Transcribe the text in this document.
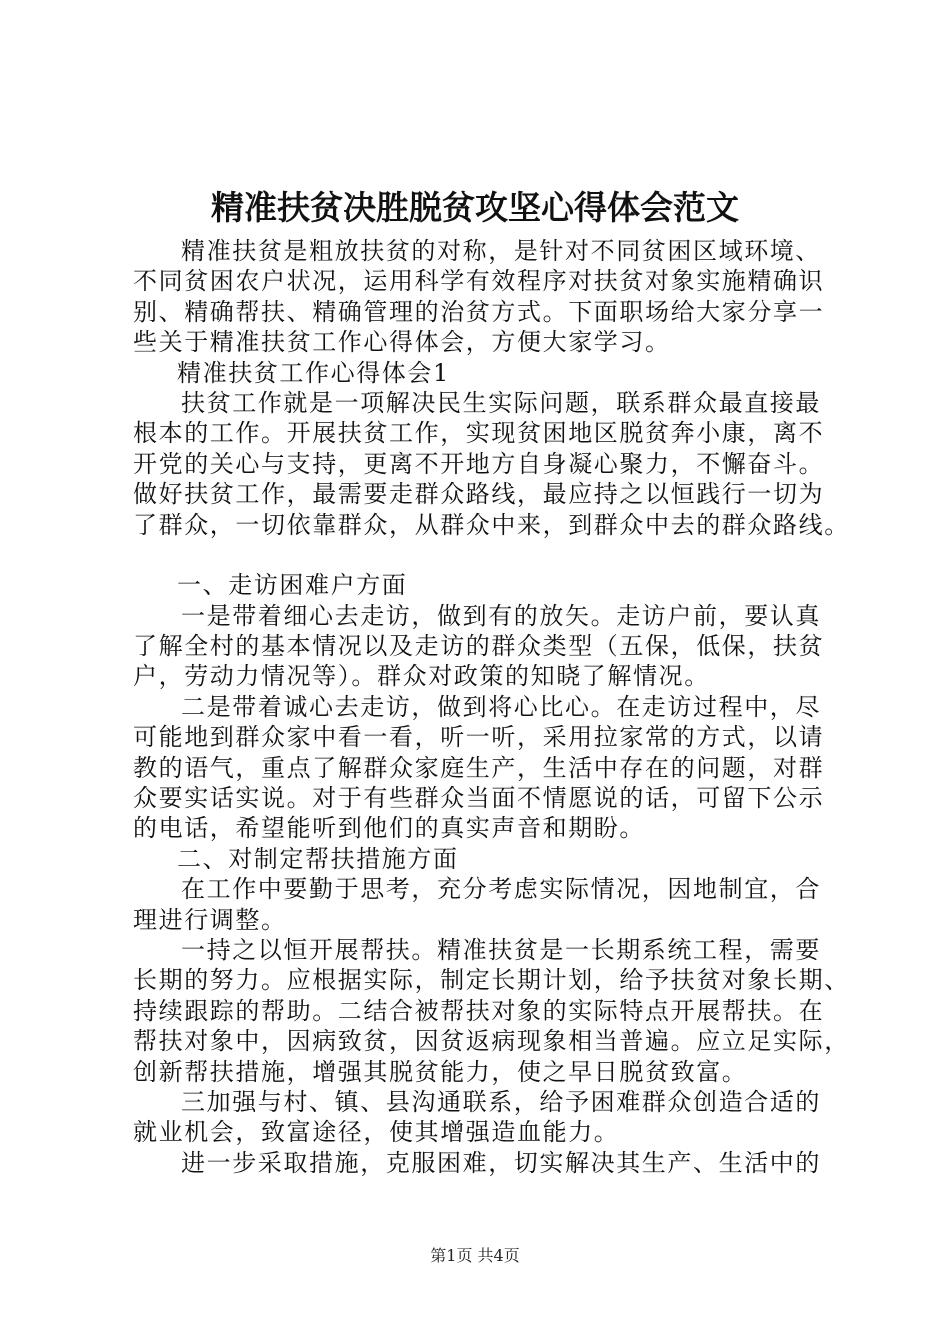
精准扶贫决胜脱贫攻坚心得体会范文
精准扶贫是粗放扶贫的对称，是针对不同贫困区域环境、
不同贫困农户状况，运用科学有效程序对扶贫对象实施精确识
别、精确帮扶、精确管理的治贫方式。下面职场给大家分享一
些关于精准扶贫工作心得体会，方便大家学习。
精准扶贫工作心得体会1
扶贫工作就是一项解决民生实际问题，联系群众最直接最
根本的工作。开展扶贫工作，实现贫困地区脱贫奔小康，离不
开党的关心与支持，更离不开地方自身凝心聚力，不懈奋斗。
做好扶贫工作，最需要走群众路线，最应持之以恒践行一切为
了群众，一切依靠群众，从群众中来，到群众中去的群众路线。
一、走访困难户方面
一是带着细心去走访，做到有的放矢。走访户前，要认真
了解全村的基本情况以及走访的群众类型（五保，低保，扶贫
户，劳动力情况等）。群众对政策的知晓了解情况。
二是带着诚心去走访，做到将心比心。在走访过程中，尽
可能地到群众家中看一看，听一听，采用拉家常的方式，以请
教的语气，重点了解群众家庭生产，生活中存在的问题，对群
众要实话实说。对于有些群众当面不情愿说的话，可留下公示
的电话，希望能听到他们的真实声音和期盼。
二、对制定帮扶措施方面
在工作中要勤于思考，充分考虑实际情况，因地制宜，合
理进行调整。
一持之以恒开展帮扶。精准扶贫是一长期系统工程，需要
长期的努力。应根据实际，制定长期计划，给予扶贫对象长期、
持续跟踪的帮助。二结合被帮扶对象的实际特点开展帮扶。在
帮扶对象中，因病致贫，因贫返病现象相当普遍。应立足实际，
创新帮扶措施，增强其脱贫能力，使之早日脱贫致富。
三加强与村、镇、县沟通联系，给予困难群众创造合适的
就业机会，致富途径，使其增强造血能力。
进一步采取措施，克服困难，切实解决其生产、生活中的
第1页 共4页
